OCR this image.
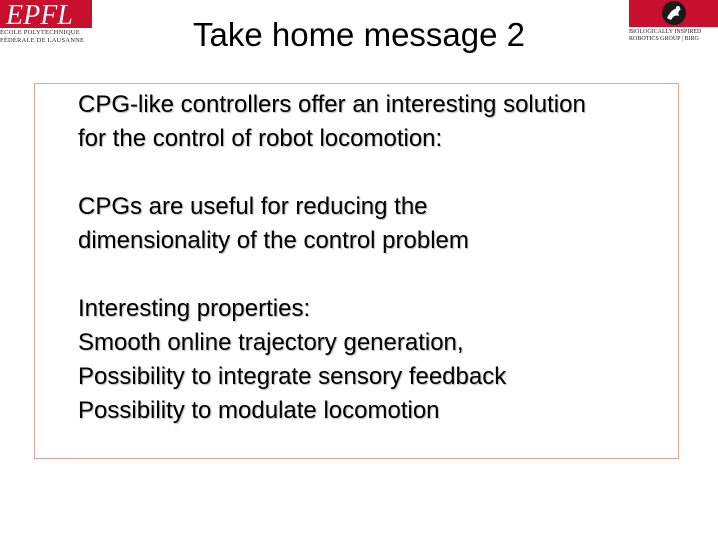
EPFL
ÉCOLE POLYTECHNIQUE
FÉDÉRALE DE LAUSANNE
BIOLOGICALLY INSPIRED
ROBOTICS GROUP | BIRG
Take home message 2

CPG-like controllers offer an interesting solution

for the control of robot locomotion:

CPGs are useful for reducing the

dimensionality of the control problem

Interesting properties:

Smooth online trajectory generation,

Possibility to integrate sensory feedback

Possibility to modulate locomotion
